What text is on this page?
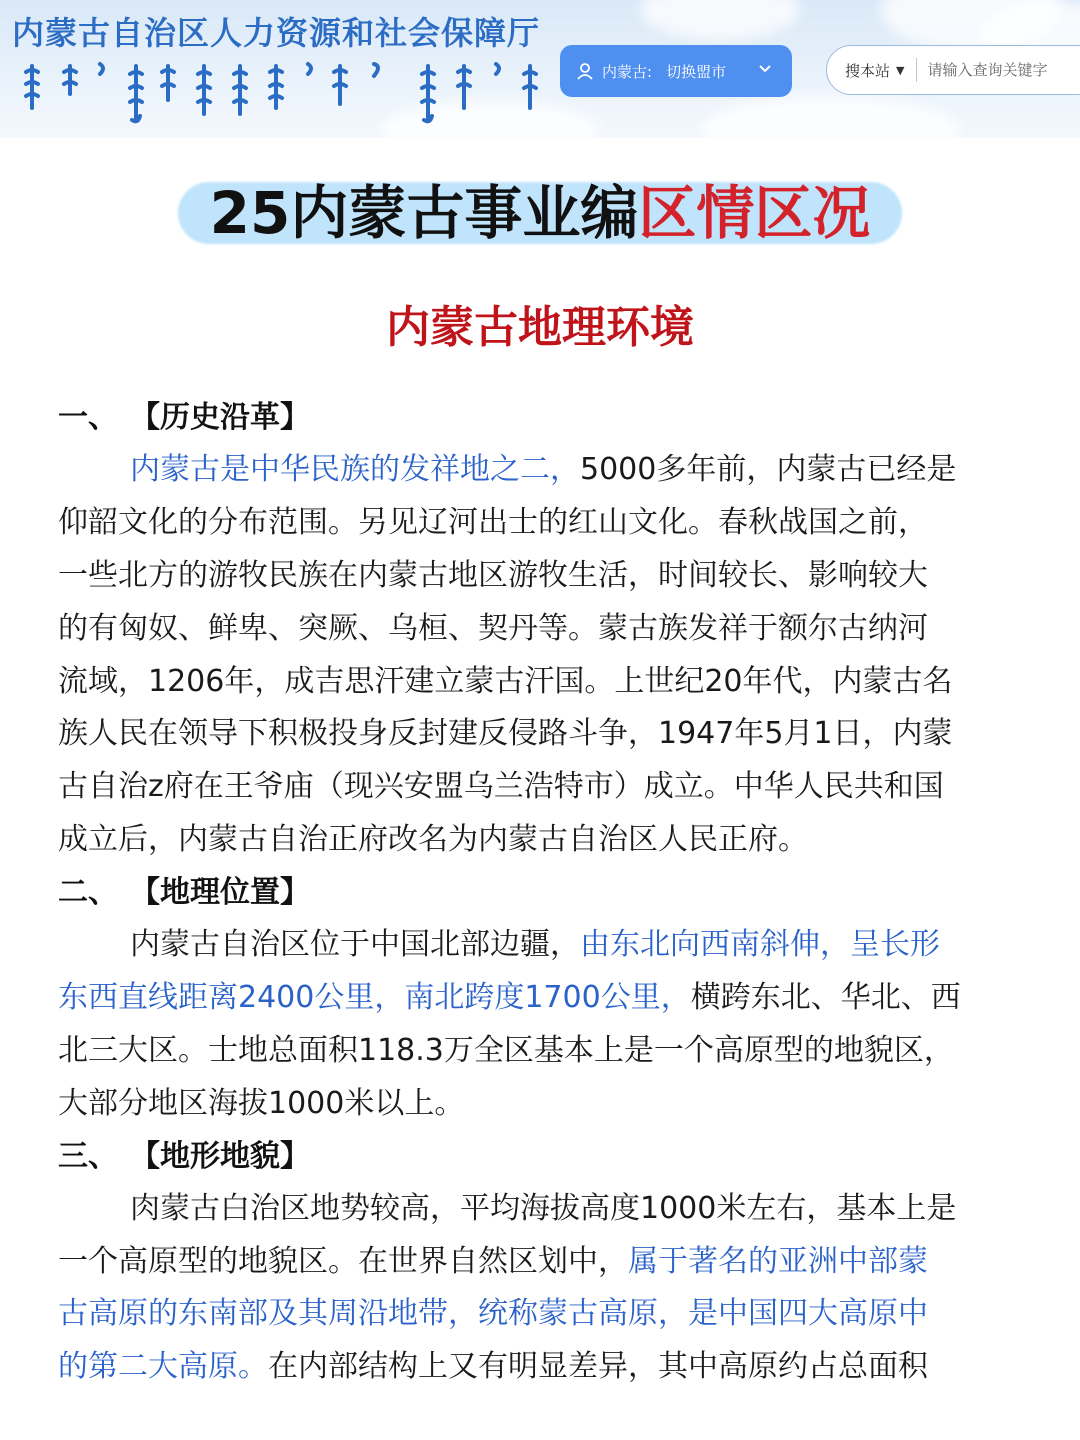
内蒙古自治区人力资源和社会保障厅
内蒙古: 切换盟市	搜本站 ▼
请输入查询关键字
25内蒙古事业编区情区况
内蒙古地理环境
一、 【历史沿革】
内蒙古是中华民族的发祥地之二，5000多年前，内蒙古已经是
仰韶文化的分布范围。另见辽河出士的红山文化。春秋战国之前，
一些北方的游牧民族在内蒙古地区游牧生活，时间较长、影响较大
的有匈奴、鲜卑、突厥、乌桓、契丹等。蒙古族发祥于额尔古纳河
流域，1206年，成吉思汗建立蒙古汗国。上世纪20年代，内蒙古名
族人民在领导下积极投身反封建反侵路斗争，1947年5月1日，内蒙
古自治z府在王爷庙（现兴安盟乌兰浩特市）成立。中华人民共和国
成立后，内蒙古自治正府改名为内蒙古自治区人民正府。
二、 【地理位置】
内蒙古自治区位于中国北部边疆，由东北向西南斜伸，呈长形
东西直线距离2400公里，南北跨度1700公里，横跨东北、华北、西
北三大区。士地总面积118.3万全区基本上是一个高原型的地貌区，
大部分地区海拔1000米以上。
三、 【地形地貌】
肉蒙古白治区地势较高，平均海拔高度1000米左右，基本上是
一个高原型的地貌区。在世界自然区划中，属于著名的亚洲中部蒙
古高原的东南部及其周沿地带，统称蒙古高原，是中国四大高原中
的第二大高原。在内部结构上又有明显差异，其中高原约占总面积
